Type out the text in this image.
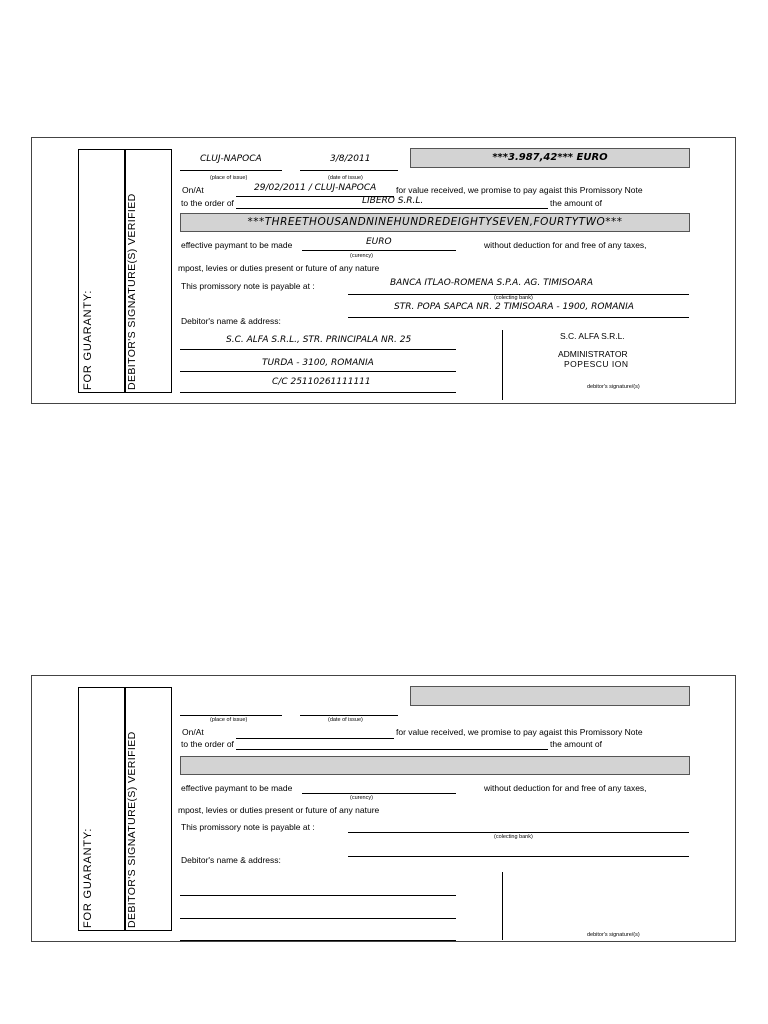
FOR GUARANTY:	DEBITOR'S SIGNATURE(S) VERIFIED
CLUJ-NAPOCA
(place of issue)
3/8/2011
(date of issue)
***3.987,42*** EURO
On/At	29/02/2011 / CLUJ-NAPOCA for value received, we promise to pay agaist this Promissory Note
to the order of	LIBERO S.R.L.	the amount of
***THREETHOUSANDNINEHUNDREDEIGHTYSEVEN,FOURTYTWO***
effective paymant to be made	EURO
(curency)
without deduction for and free of any taxes,
mpost, levies or duties present or future of any nature
This promissory note is payable at :	BANCA ITLAO-ROMENA S.P.A. AG. TIMISOARA
(colecting bank)
STR. POPA SAPCA NR. 2 TIMISOARA - 1900, ROMANIA
Debitor's name & address:
S.C. ALFA S.R.L., STR. PRINCIPALA NR. 25
TURDA - 3100, ROMANIA
C/C 25110261111111
S.C. ALFA S.R.L.
ADMINISTRATOR
POPESCU ION
debitor's signature/(s)
FOR GUARANTY:	DEBITOR'S SIGNATURE(S) VERIFIED
(place of issue)	(date of issue)
On/At	for value received, we promise to pay agaist this Promissory Note
to the order of	the amount of
effective paymant to be made
(curency)
without deduction for and free of any taxes,
mpost, levies or duties present or future of any nature
This promissory note is payable at :
(colecting bank)
Debitor's name & address:
debitor's signature/(s)
